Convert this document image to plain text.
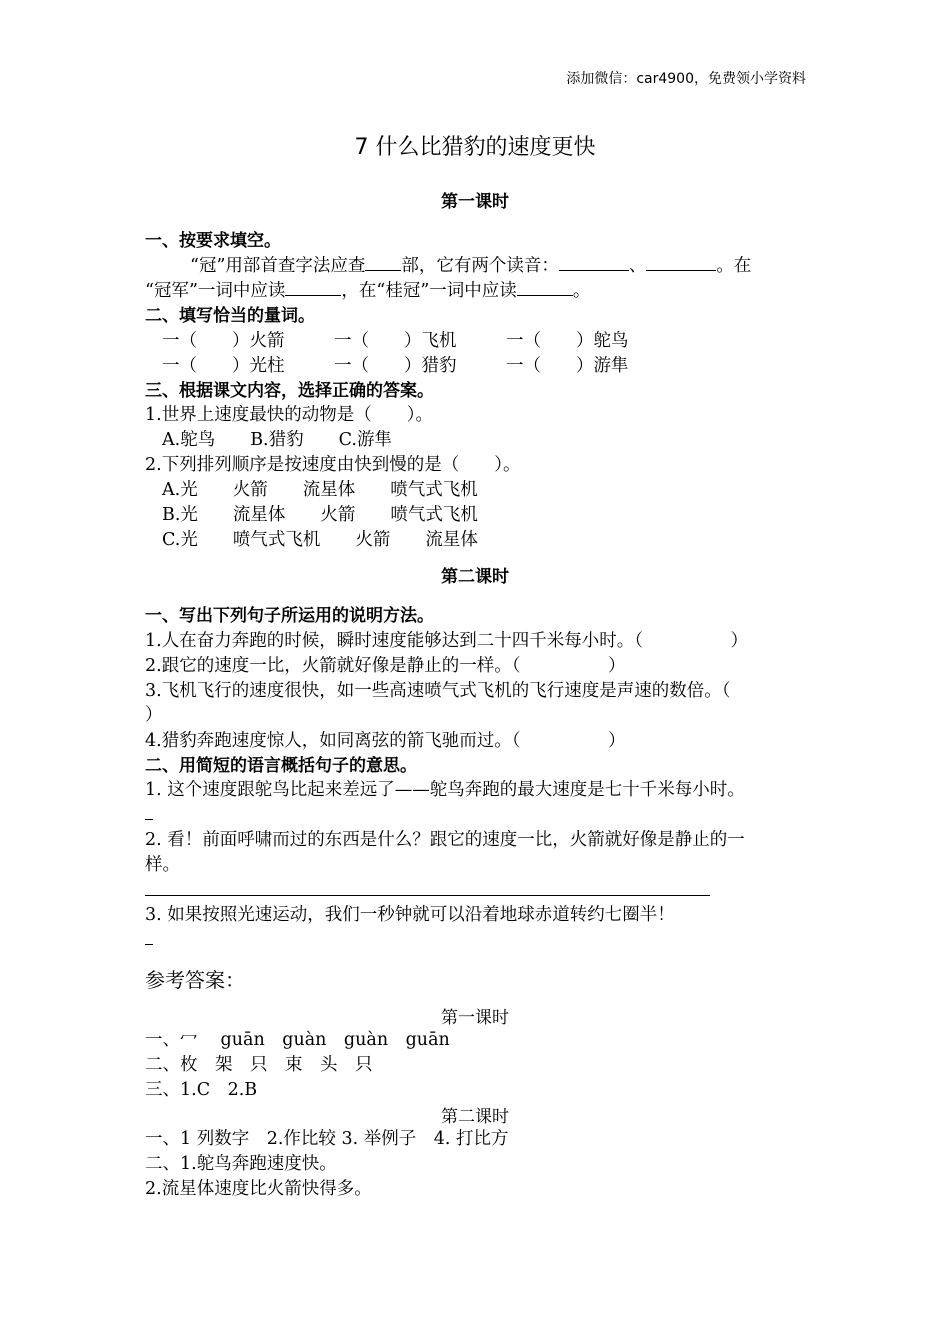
添加微信：car4900，免费领小学资料
7 什么比猎豹的速度更快
第一课时
一、按要求填空。
“冠”用部首查字法应查 部，它有两个读音：	、	。在
“冠军”一词中应读	，在“桂冠”一词中应读	。
二、填写恰当的量词。
一（　　）火箭	一（　　）飞机	一（　　）鸵鸟
一（　　）光柱	一（　　）猎豹	一（　　）游隼
三、根据课文内容，选择正确的答案。
1.世界上速度最快的动物是（　　）。
A.鸵鸟　　B.猎豹　　C.游隼
2.下列排列顺序是按速度由快到慢的是（　　）。
A.光　　火箭　　流星体　　喷气式飞机
B.光　　流星体　　火箭　　喷气式飞机
C.光　　喷气式飞机　　火箭　　流星体
第二课时
一、写出下列句子所运用的说明方法。
1.人在奋力奔跑的时候，瞬时速度能够达到二十四千米每小时。（　　　　　）
2.跟它的速度一比，火箭就好像是静止的一样。（　　　　　）
3.飞机飞行的速度很快，如一些高速喷气式飞机的飞行速度是声速的数倍。（
）
4.猎豹奔跑速度惊人，如同离弦的箭飞驰而过。（　　　　　）
二、用简短的语言概括句子的意思。
1. 这个速度跟鸵鸟比起来差远了——鸵鸟奔跑的最大速度是七十千米每小时。
2. 看！前面呼啸而过的东西是什么？跟它的速度一比，火箭就好像是静止的一
样。
3. 如果按照光速运动，我们一秒钟就可以沿着地球赤道转约七圈半！
参考答案：
第一课时
一、冖　 guān　guàn　guàn　guān
二、枚　架　只　束　头　只
三、1.C　2.B
第二课时
一、1 列数字　2.作比较 3. 举例子　4. 打比方
二、1.鸵鸟奔跑速度快。
2.流星体速度比火箭快得多。
